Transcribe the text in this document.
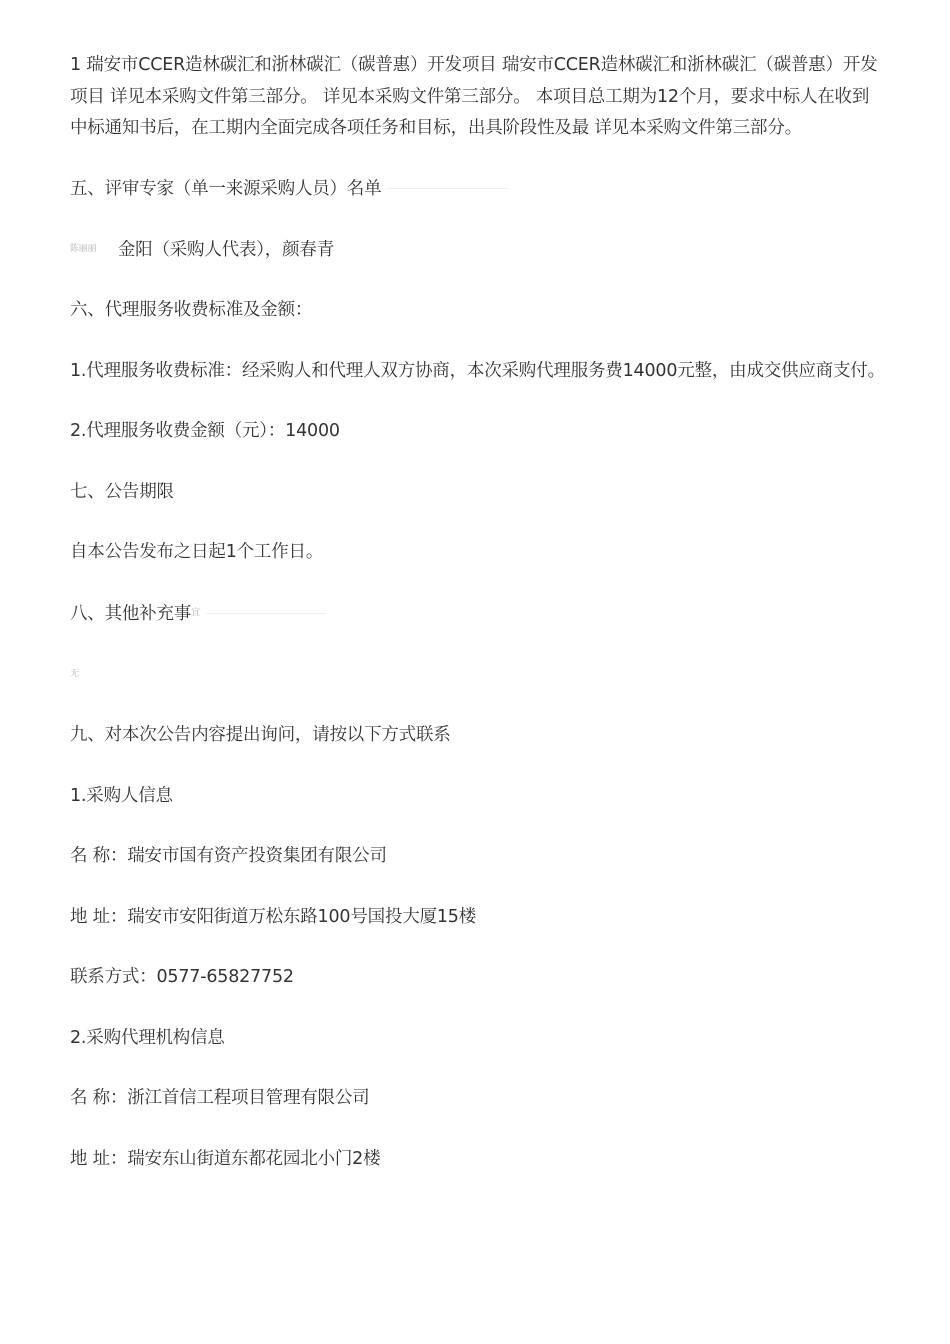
1 瑞安市CCER造林碳汇和浙林碳汇（碳普惠）开发项目 瑞安市CCER造林碳汇和浙林碳汇（碳普惠）开发项目 详见本采购文件第三部分。 详见本采购文件第三部分。 本项目总工期为12个月，要求中标人在收到中标通知书后，在工期内全面完成各项任务和目标，出具阶段性及最 详见本采购文件第三部分。

五、评审专家（单一来源采购人员）名单

陈丽丽 金阳（采购人代表），颜春青

六、代理服务收费标准及金额：

1.代理服务收费标准：经采购人和代理人双方协商，本次采购代理服务费14000元整，由成交供应商支付。

2.代理服务收费金额（元）：14000

七、公告期限

自本公告发布之日起1个工作日。

八、其他补充事宜

无

九、对本次公告内容提出询问，请按以下方式联系

1.采购人信息

名 称：瑞安市国有资产投资集团有限公司

地 址：瑞安市安阳街道万松东路100号国投大厦15楼

联系方式：0577-65827752

2.采购代理机构信息

名 称：浙江首信工程项目管理有限公司

地 址：瑞安东山街道东都花园北小门2楼
